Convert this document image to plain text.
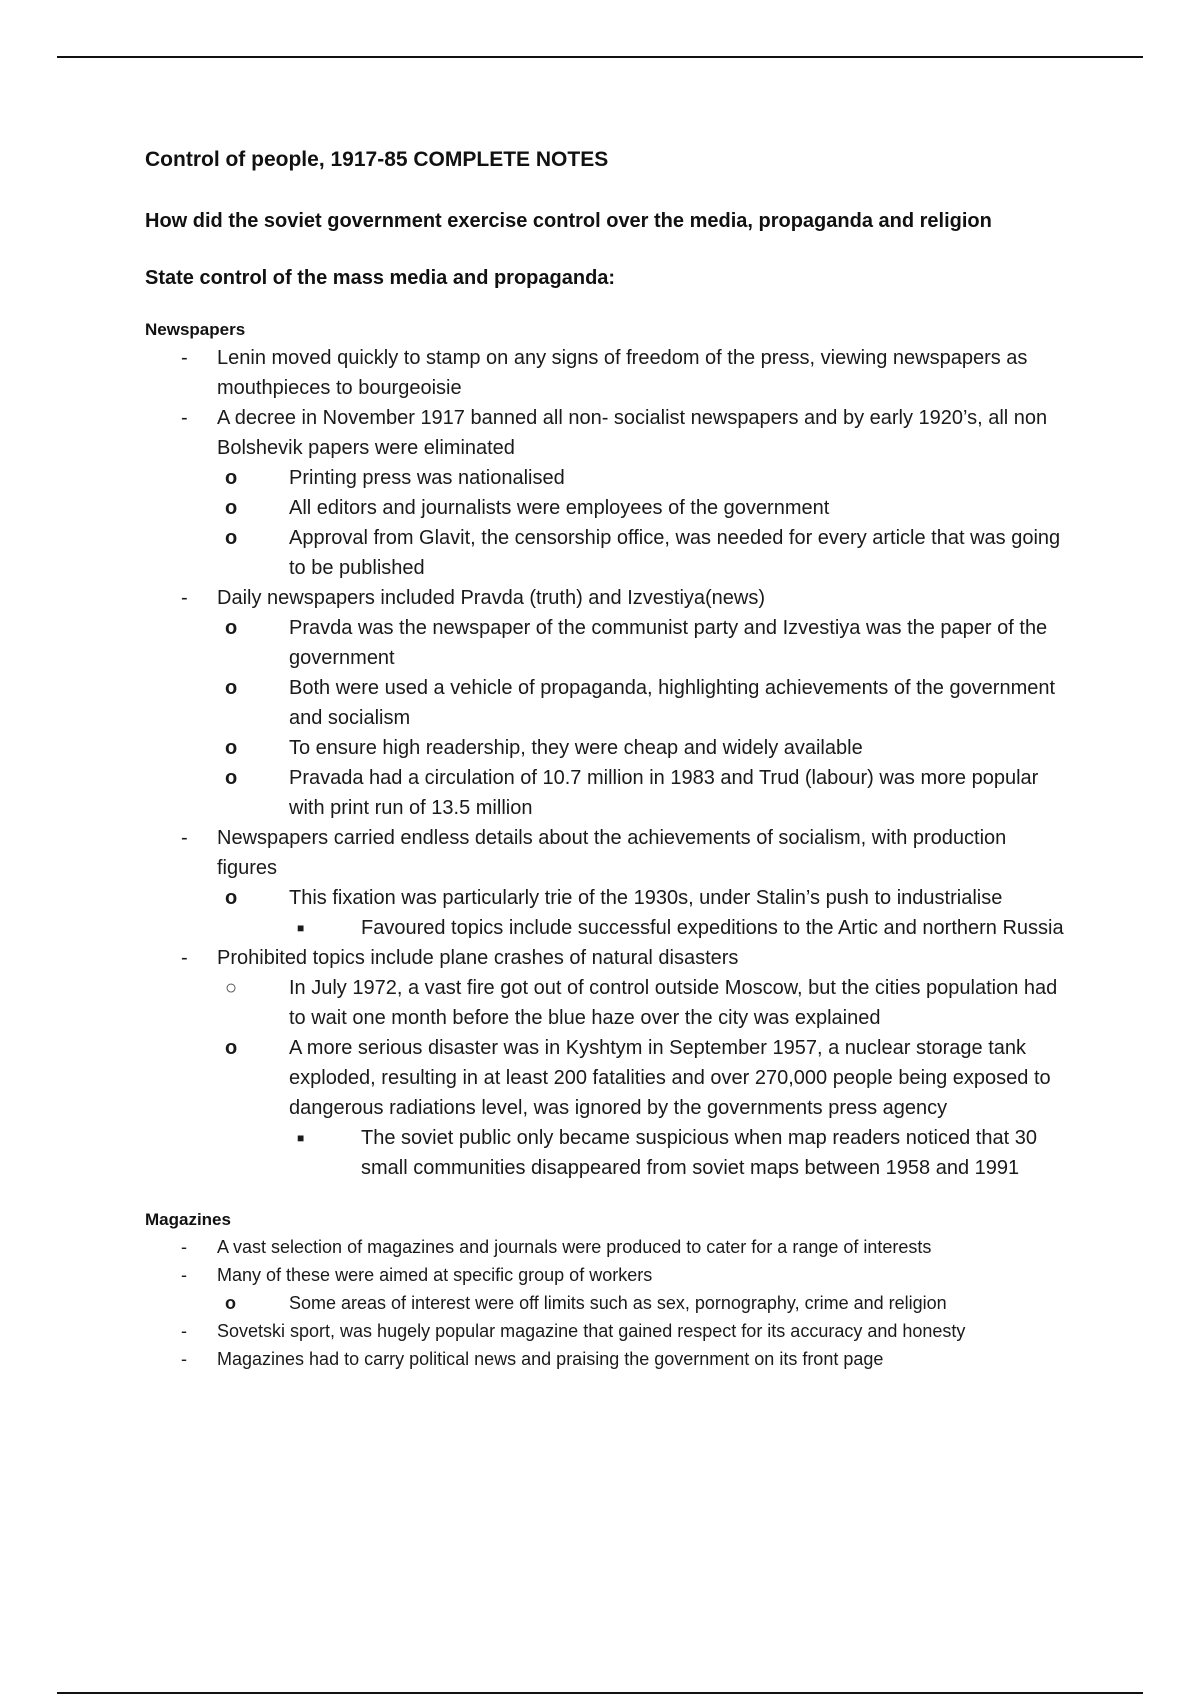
Control of people, 1917-85 COMPLETE NOTES
How did the soviet government exercise control over the media, propaganda and religion
State control of the mass media and propaganda:
Newspapers
-	Lenin moved quickly to stamp on any signs of freedom of the press, viewing newspapers as mouthpieces to bourgeoisie
-	A decree in November 1917 banned all non- socialist newspapers and by early 1920’s, all non Bolshevik papers were eliminated
o	Printing press was nationalised
o	All editors and journalists were employees of the government
o	Approval from Glavit, the censorship office, was needed for every article that was going to be published
-	Daily newspapers included Pravda (truth) and Izvestiya(news)
o	Pravda was the newspaper of the communist party and Izvestiya was the paper of the government
o	Both were used a vehicle of propaganda, highlighting achievements of the government and socialism
o	To ensure high readership, they were cheap and widely available
o	Pravada had a circulation of 10.7 million in 1983 and Trud (labour) was more popular with print run of 13.5 million
-	Newspapers carried endless details about the achievements of socialism, with production figures
o	This fixation was particularly trie of the 1930s, under Stalin’s push to industrialise
■	Favoured topics include successful expeditions to the Artic and northern Russia
-	Prohibited topics include plane crashes of natural disasters
○	In July 1972, a vast fire got out of control outside Moscow, but the cities population had to wait one month before the blue haze over the city was explained
o	A more serious disaster was in Kyshtym in September 1957, a nuclear storage tank exploded, resulting in at least 200 fatalities and over 270,000 people being exposed to dangerous radiations level, was ignored by the governments press agency
■	The soviet public only became suspicious when map readers noticed that 30 small communities disappeared from soviet maps between 1958 and 1991
Magazines
-	A vast selection of magazines and journals were produced to cater for a range of interests
-	Many of these were aimed at specific group of workers
o	Some areas of interest were off limits such as sex, pornography, crime and religion
-	Sovetski sport, was hugely popular magazine that gained respect for its accuracy and honesty
-	Magazines had to carry political news and praising the government on its front page
